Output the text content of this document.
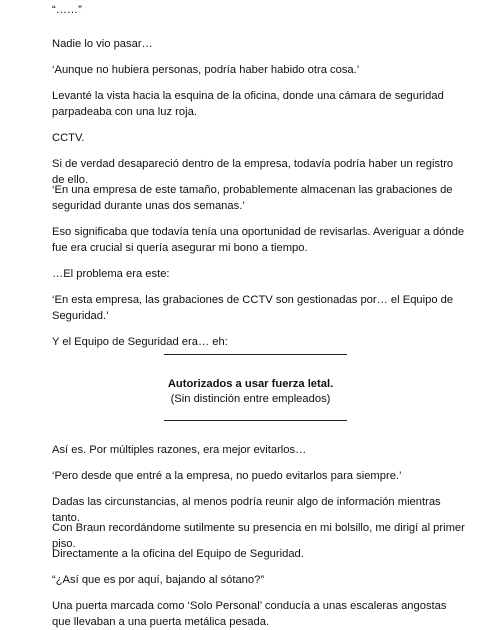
“……”

Nadie lo vio pasar…

‘Aunque no hubiera personas, podría haber habido otra cosa.’

Levanté la vista hacia la esquina de la oficina, donde una cámara de seguridad parpadeaba con una luz roja.

CCTV.

Si de verdad desapareció dentro de la empresa, todavía podría haber un registro de ello.

‘En una empresa de este tamaño, probablemente almacenan las grabaciones de seguridad durante unas dos semanas.’

Eso significaba que todavía tenía una oportunidad de revisarlas. Averiguar a dónde fue era crucial si quería asegurar mi bono a tiempo.

…El problema era este:

‘En esta empresa, las grabaciones de CCTV son gestionadas por… el Equipo de Seguridad.’

Y el Equipo de Seguridad era… eh:

Autorizados a usar fuerza letal.

(Sin distinción entre empleados)

Así es. Por múltiples razones, era mejor evitarlos…

‘Pero desde que entré a la empresa, no puedo evitarlos para siempre.’

Dadas las circunstancias, al menos podría reunir algo de información mientras tanto.

Con Braun recordándome sutilmente su presencia en mi bolsillo, me dirigí al primer piso.

Directamente a la oficina del Equipo de Seguridad.

“¿Así que es por aquí, bajando al sótano?”

Una puerta marcada como ‘Solo Personal’ conducía a unas escaleras angostas que llevaban a una puerta metálica pesada.
